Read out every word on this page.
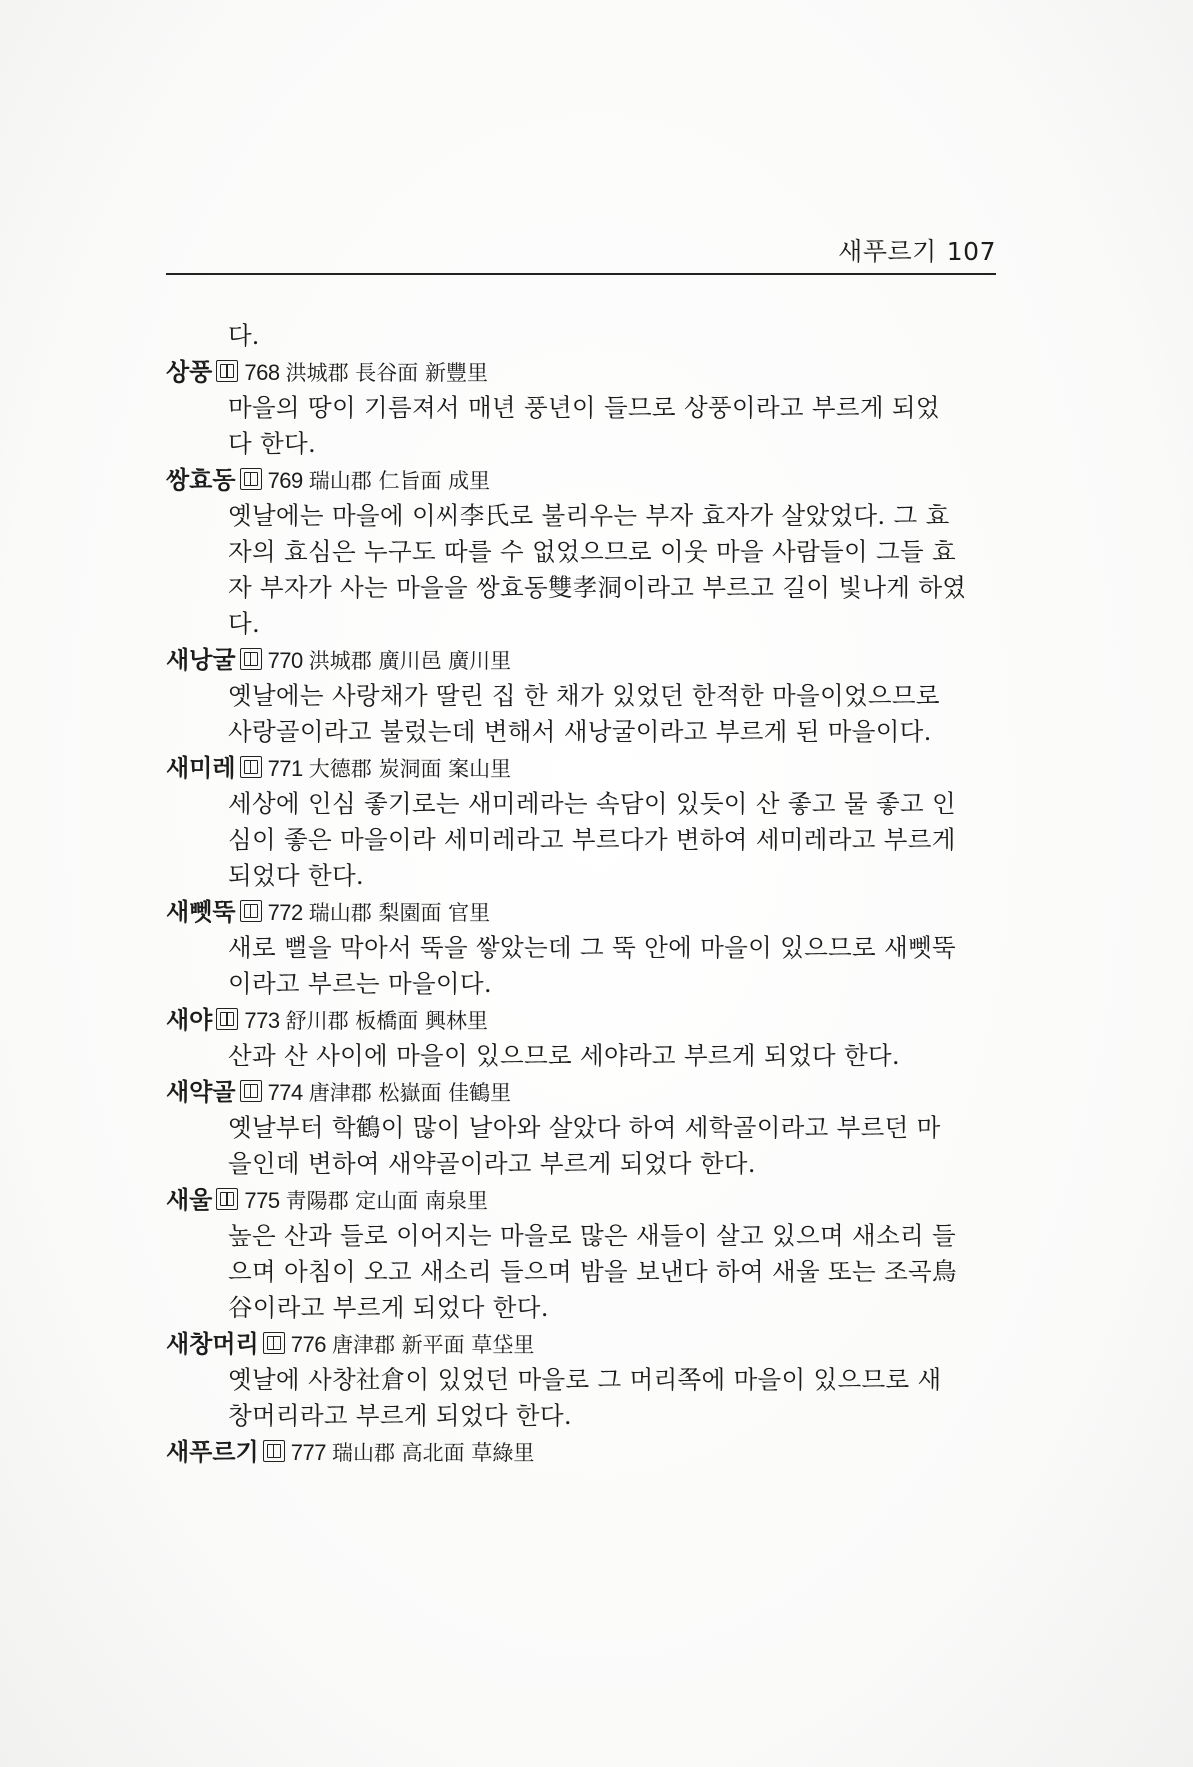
새푸르기 107
다.
상풍 768 洪城郡 長谷面 新豐里
마을의 땅이 기름져서 매년 풍년이 들므로 상풍이라고 부르게 되었
다 한다.
쌍효동 769 瑞山郡 仁旨面 成里
옛날에는 마을에 이씨李氏로 불리우는 부자 효자가 살았었다. 그 효
자의 효심은 누구도 따를 수 없었으므로 이웃 마을 사람들이 그들 효
자 부자가 사는 마을을 쌍효동雙孝洞이라고 부르고 길이 빛나게 하였
다.
새낭굴 770 洪城郡 廣川邑 廣川里
옛날에는 사랑채가 딸린 집 한 채가 있었던 한적한 마을이었으므로
사랑골이라고 불렀는데 변해서 새낭굴이라고 부르게 된 마을이다.
새미레 771 大德郡 炭洞面 案山里
세상에 인심 좋기로는 새미레라는 속담이 있듯이 산 좋고 물 좋고 인
심이 좋은 마을이라 세미레라고 부르다가 변하여 세미레라고 부르게
되었다 한다.
새뻿뚝 772 瑞山郡 梨園面 官里
새로 뻘을 막아서 뚝을 쌓았는데 그 뚝 안에 마을이 있으므로 새뻿뚝
이라고 부르는 마을이다.
새야 773 舒川郡 板橋面 興林里
산과 산 사이에 마을이 있으므로 세야라고 부르게 되었다 한다.
새약골 774 唐津郡 松嶽面 佳鶴里
옛날부터 학鶴이 많이 날아와 살았다 하여 세학골이라고 부르던 마
을인데 변하여 새약골이라고 부르게 되었다 한다.
새울 775 靑陽郡 定山面 南泉里
높은 산과 들로 이어지는 마을로 많은 새들이 살고 있으며 새소리 들
으며 아침이 오고 새소리 들으며 밤을 보낸다 하여 새울 또는 조곡鳥
谷이라고 부르게 되었다 한다.
새창머리 776 唐津郡 新平面 草垈里
옛날에 사창社倉이 있었던 마을로 그 머리쪽에 마을이 있으므로 새
창머리라고 부르게 되었다 한다.
새푸르기 777 瑞山郡 高北面 草綠里
